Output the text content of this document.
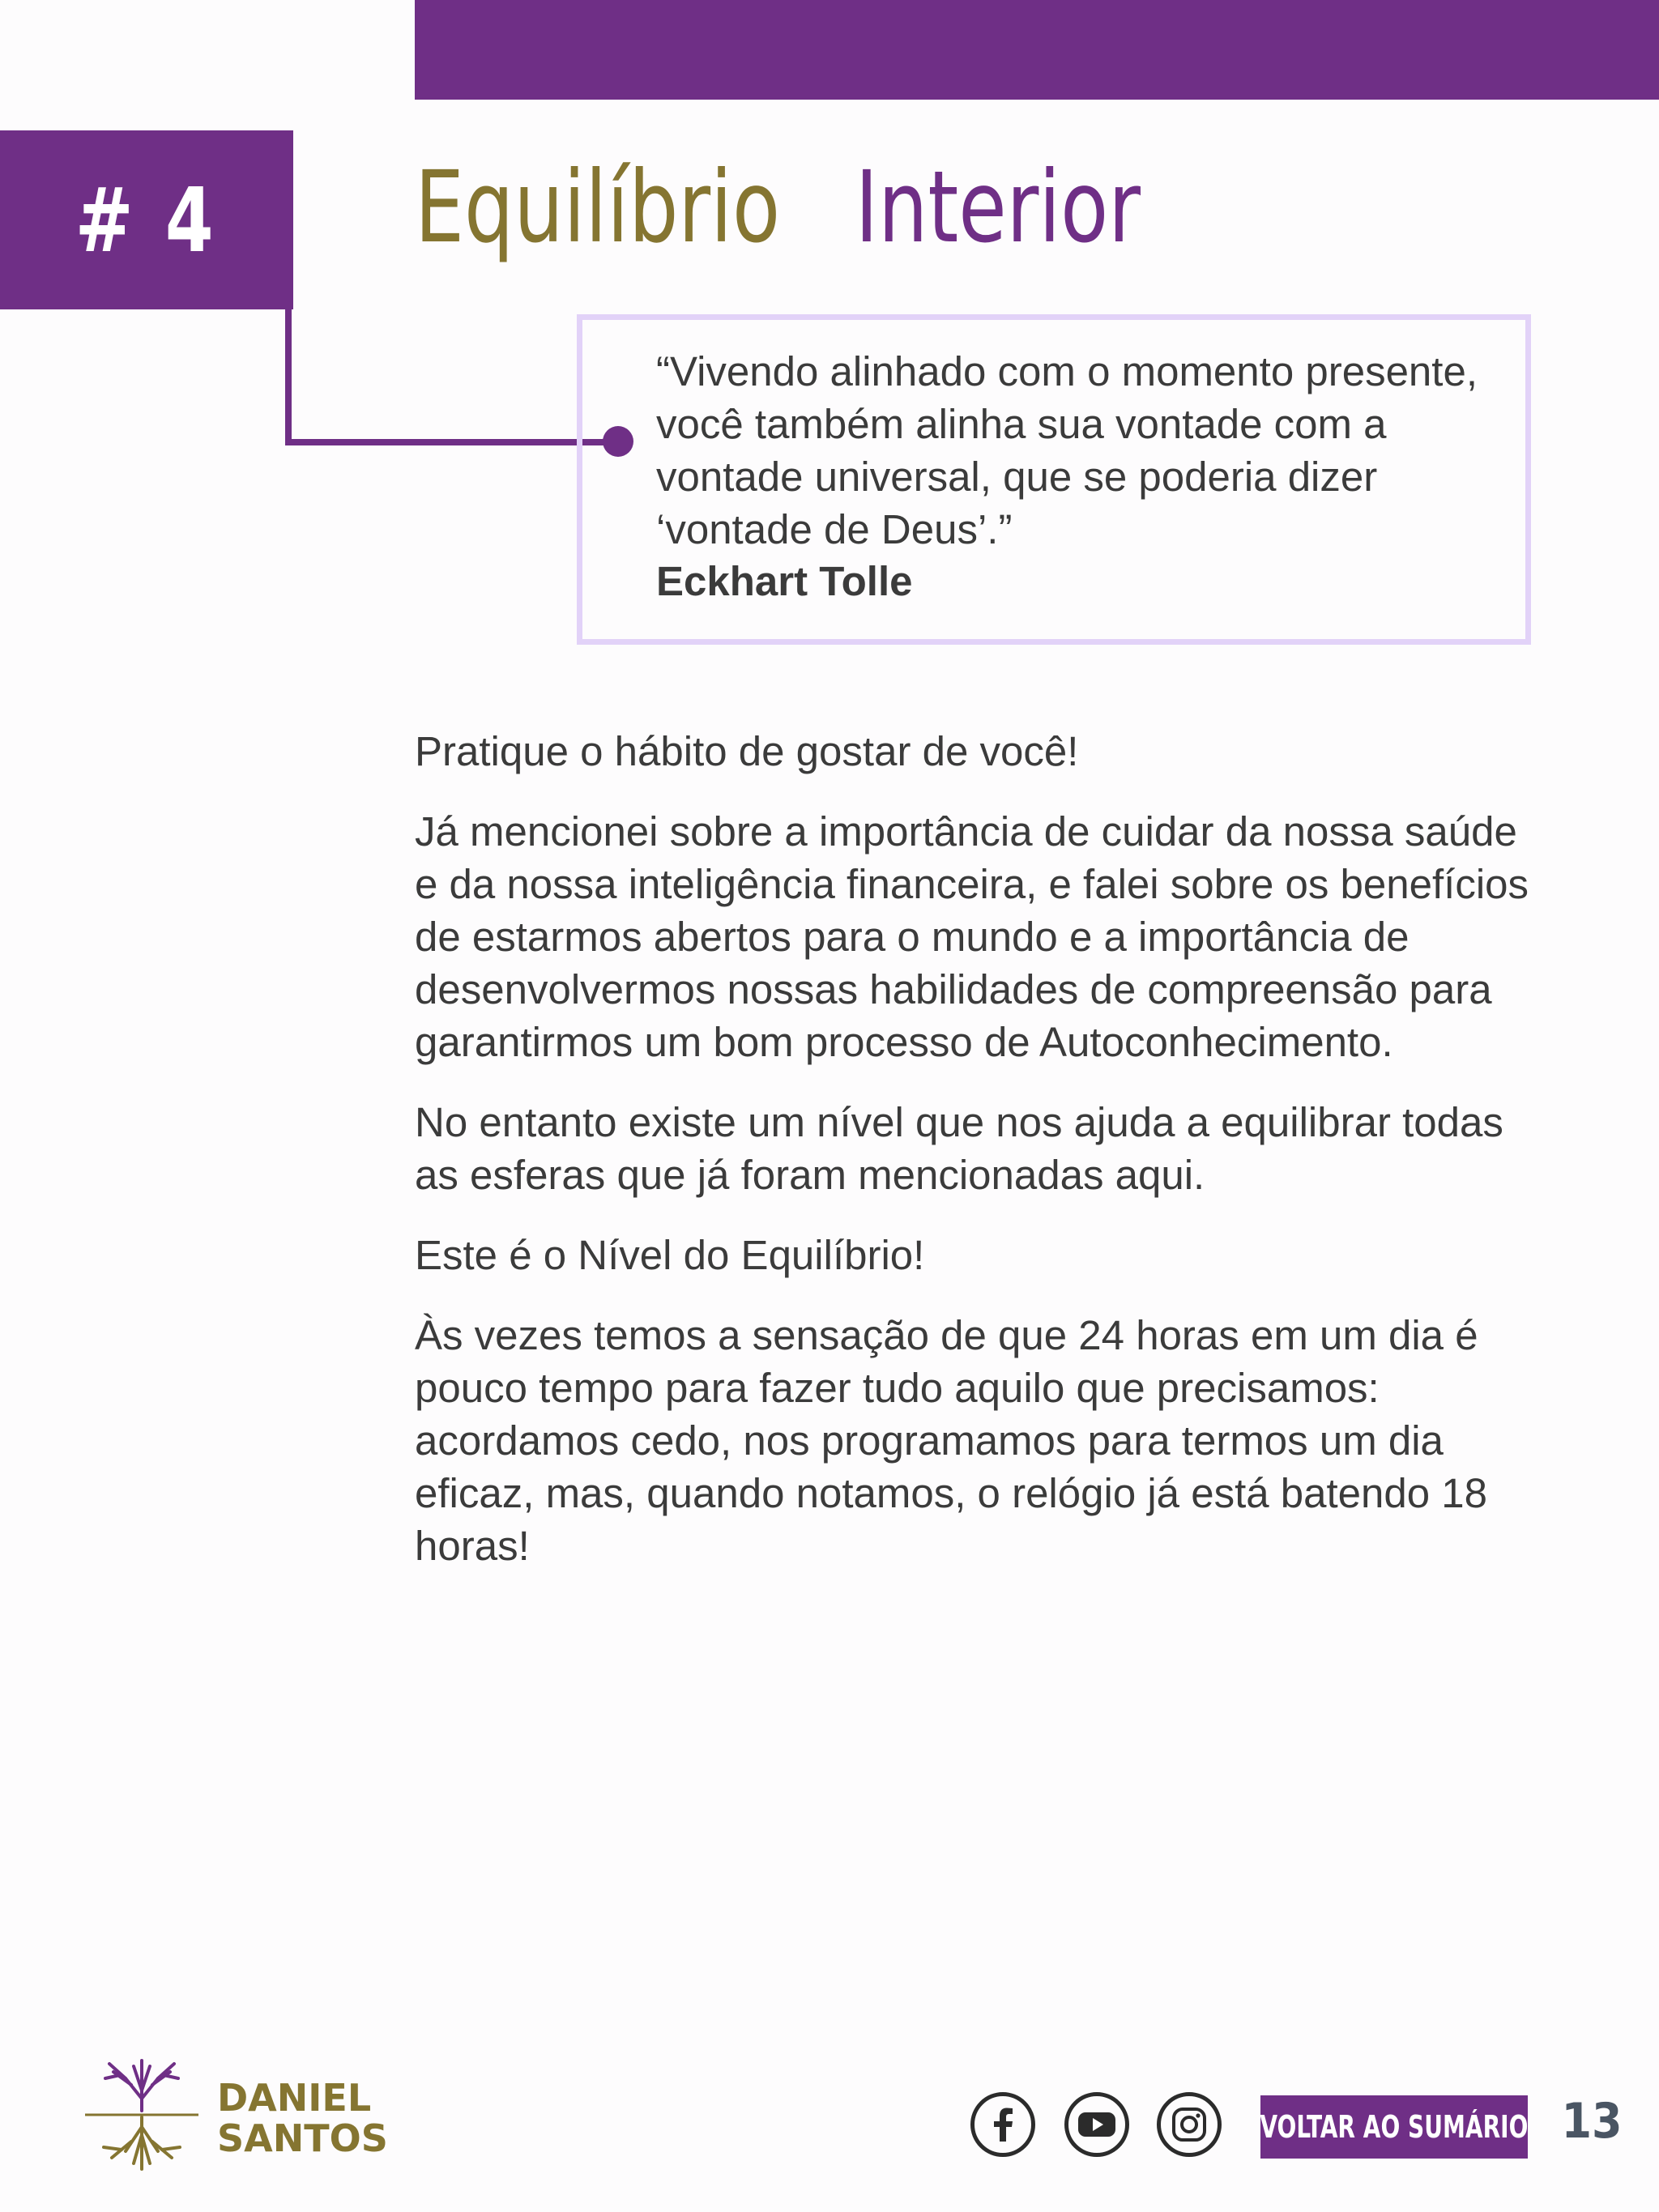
# 4 Equilíbrio Interior
“Vivendo alinhado com o momento presente, você também alinha sua vontade com a vontade universal, que se poderia dizer ‘vontade de Deus’.”
Eckhart Tolle

Pratique o hábito de gostar de você!

Já mencionei sobre a importância de cuidar da nossa saúde e da nossa inteligência financeira, e falei sobre os benefícios de estarmos abertos para o mundo e a importância de desenvolvermos nossas habilidades de compreensão para garantirmos um bom processo de Autoconhecimento.

No entanto existe um nível que nos ajuda a equilibrar todas as esferas que já foram mencionadas aqui.

Este é o Nível do Equilíbrio!

Às vezes temos a sensação de que 24 horas em um dia é pouco tempo para fazer tudo aquilo que precisamos: acordamos cedo, nos programamos para termos um dia eficaz, mas, quando notamos, o relógio já está batendo 18 horas!

DANIEL
SANTOS	VOLTAR AO SUMÁRIO 13
